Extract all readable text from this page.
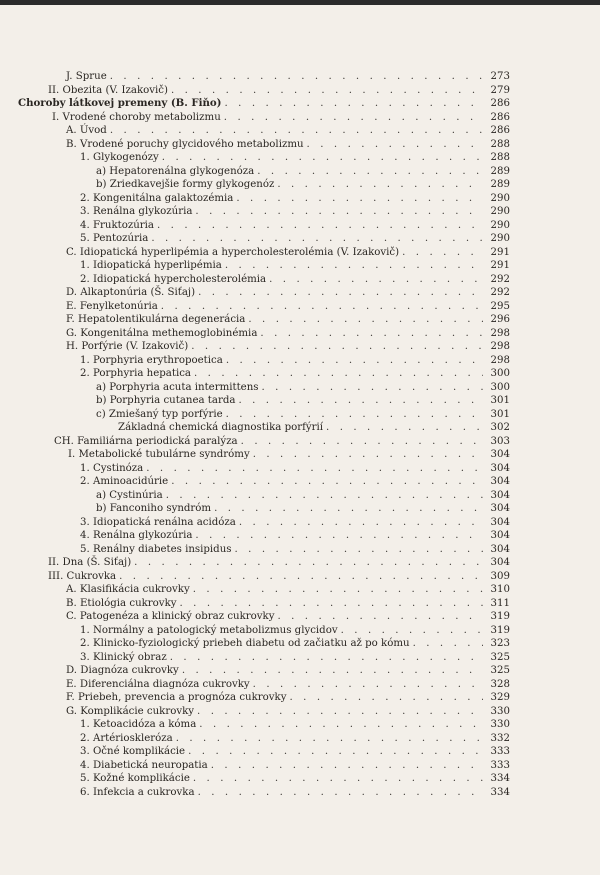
J. Sprue . . .	273
II. Obezita (V. Izakovič) . . .	279
Choroby látkovej premeny (B. Fiňo) . . .	286
I. Vrodené choroby metabolizmu . . .	286
A. Úvod . . .	286
B. Vrodené poruchy glycidového metabolizmu . . .	288
1. Glykogenózy . . .	288
a) Hepatorenálna glykogenóza . . .	289
b) Zriedkavejšie formy glykogenóz . . .	289
2. Kongenitálna galaktozémia . . .	290
3. Renálna glykozúria . . .	290
4. Fruktozúria . . .	290
5. Pentozúria . . .	290
C. Idiopatická hyperlipémia a hypercholesterolémia (V. Izakovič) . . .	291
1. Idiopatická hyperlipémia . . .	291
2. Idiopatická hypercholesterolémia . . .	292
D. Alkaptonúria (Š. Siťaj) . . .	292
E. Fenylketonúria . . .	295
F. Hepatolentikulárna degenerácia . . .	296
G. Kongenitálna methemoglobinémia . . .	298
H. Porfýrie (V. Izakovič) . . .	298
1. Porphyria erythropoetica . . .	298
2. Porphyria hepatica . . .	300
a) Porphyria acuta intermittens . . .	300
b) Porphyria cutanea tarda . . .	301
c) Zmiešaný typ porfýrie . . .	301
Základná chemická diagnostika porfýrií . . .	302
CH. Familiárna periodická paralýza . . .	303
I. Metabolické tubulárne syndrómy . . .	304
1. Cystinóza . . .	304
2. Aminoacidúrie . . .	304
a) Cystinúria . . .	304
b) Fanconiho syndróm . . .	304
3. Idiopatická renálna acidóza . . .	304
4. Renálna glykozúria . . .	304
5. Renálny diabetes insipidus . . .	304
II. Dna (Š. Siťaj) . . .	304
III. Cukrovka . . .	309
A. Klasifikácia cukrovky . . .	310
B. Etiológia cukrovky . . .	311
C. Patogenéza a klinický obraz cukrovky . . .	319
1. Normálny a patologický metabolizmus glycidov . . .	319
2. Klinicko-fyziologický priebeh diabetu od začiatku až po kómu . . .	323
3. Klinický obraz . . .	325
D. Diagnóza cukrovky . . .	325
E. Diferenciálna diagnóza cukrovky . . .	328
F. Priebeh, prevencia a prognóza cukrovky . . .	329
G. Komplikácie cukrovky . . .	330
1. Ketoacidóza a kóma . . .	330
2. Artérioskleróza . . .	332
3. Očné komplikácie . . .	333
4. Diabetická neuropatia . . .	333
5. Kožné komplikácie . . .	334
6. Infekcia a cukrovka . . .	334
